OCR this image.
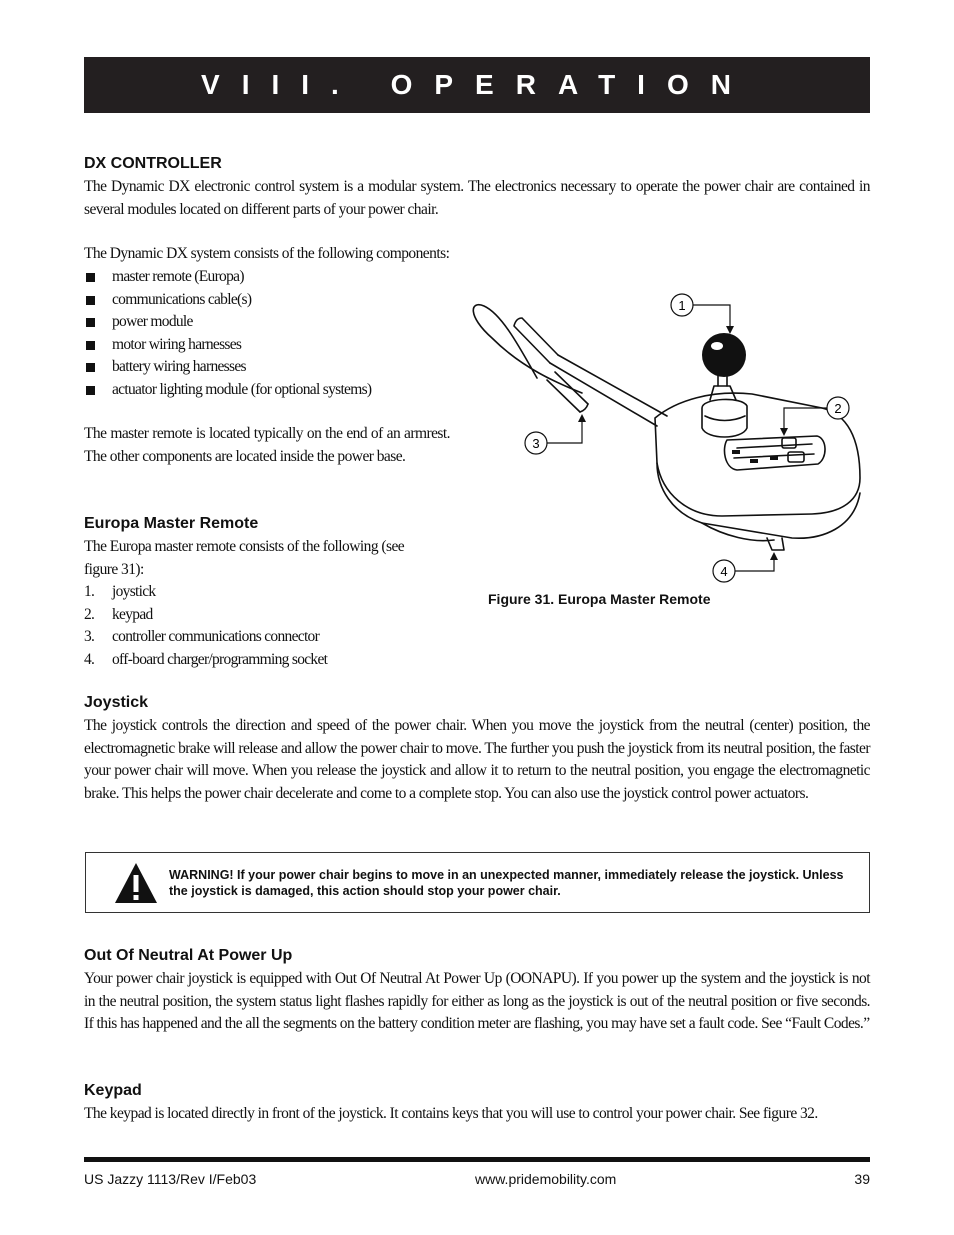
VIII. OPERATION
DX CONTROLLER
The Dynamic DX electronic control system is a modular system. The electronics necessary to operate the power chair are contained in several modules located on different parts of your power chair.
The Dynamic DX system consists of the following components:
master remote (Europa)
communications cable(s)
power module
motor wiring harnesses
battery wiring harnesses
actuator lighting module (for optional systems)
The master remote is located typically on the end of an armrest. The other components are located inside the power base.
Europa Master Remote
The Europa master remote consists of the following (see figure 31):
1. joystick
2. keypad
3. controller communications connector
4. off-board charger/programming socket
1
2
3
4
Figure 31. Europa Master Remote
Joystick
The joystick controls the direction and speed of the power chair. When you move the joystick from the neutral (center) position, the electromagnetic brake will release and allow the power chair to move. The further you push the joystick from its neutral position, the faster your power chair will move. When you release the joystick and allow it to return to the neutral position, you engage the electromagnetic brake. This helps the power chair decelerate and come to a complete stop. You can also use the joystick control power actuators.
WARNING! If your power chair begins to move in an unexpected manner, immediately release the joystick. Unless the joystick is damaged, this action should stop your power chair.
Out Of Neutral At Power Up
Your power chair joystick is equipped with Out Of Neutral At Power Up (OONAPU). If you power up the system and the joystick is not in the neutral position, the system status light flashes rapidly for either as long as the joystick is out of the neutral position or five seconds. If this has happened and the all the segments on the battery condition meter are flashing, you may have set a fault code. See “Fault Codes.”
Keypad
The keypad is located directly in front of the joystick. It contains keys that you will use to control your power chair. See figure 32.
US Jazzy 1113/Rev I/Feb03	www.pridemobility.com	39
